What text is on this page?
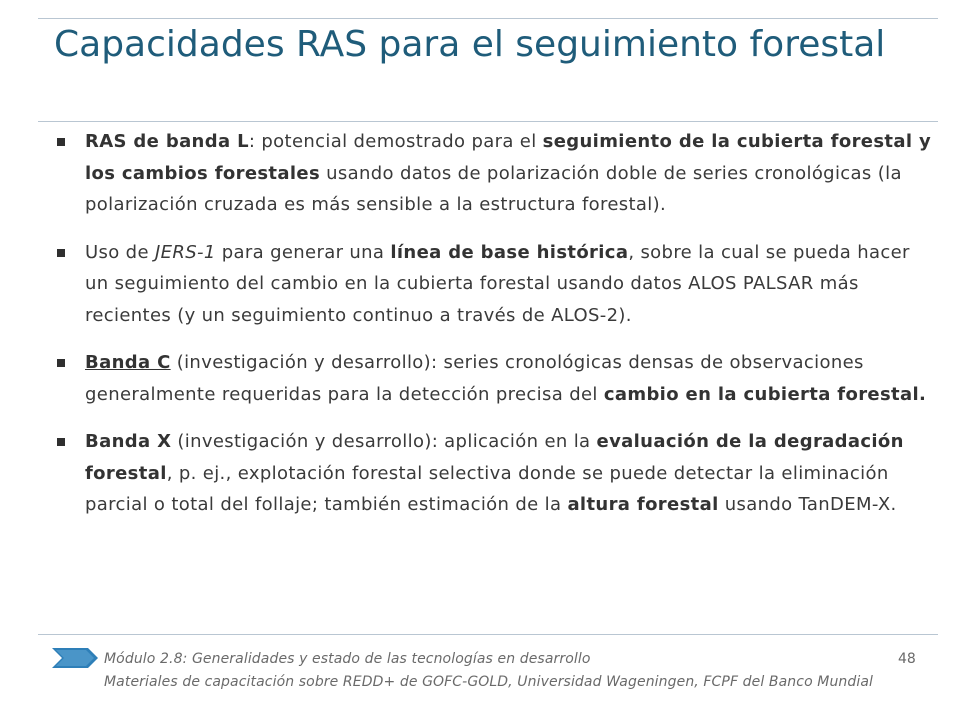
Capacidades RAS para el seguimiento forestal
RAS de banda L: potencial demostrado para el seguimiento de la cubierta forestal y los cambios forestales usando datos de polarización doble de series cronológicas (la polarización cruzada es más sensible a la estructura forestal).
Uso de JERS-1 para generar una línea de base histórica, sobre la cual se pueda hacer un seguimiento del cambio en la cubierta forestal usando datos ALOS PALSAR más recientes (y un seguimiento continuo a través de ALOS-2).
Banda C (investigación y desarrollo): series cronológicas densas de observaciones generalmente requeridas para la detección precisa del cambio en la cubierta forestal.
Banda X (investigación y desarrollo): aplicación en la evaluación de la degradación forestal, p. ej., explotación forestal selectiva donde se puede detectar la eliminación parcial o total del follaje; también estimación de la altura forestal usando TanDEM-X.
Módulo 2.8: Generalidades y estado de las tecnologías en desarrollo	48
Materiales de capacitación sobre REDD+ de GOFC-GOLD, Universidad Wageningen, FCPF del Banco Mundial
